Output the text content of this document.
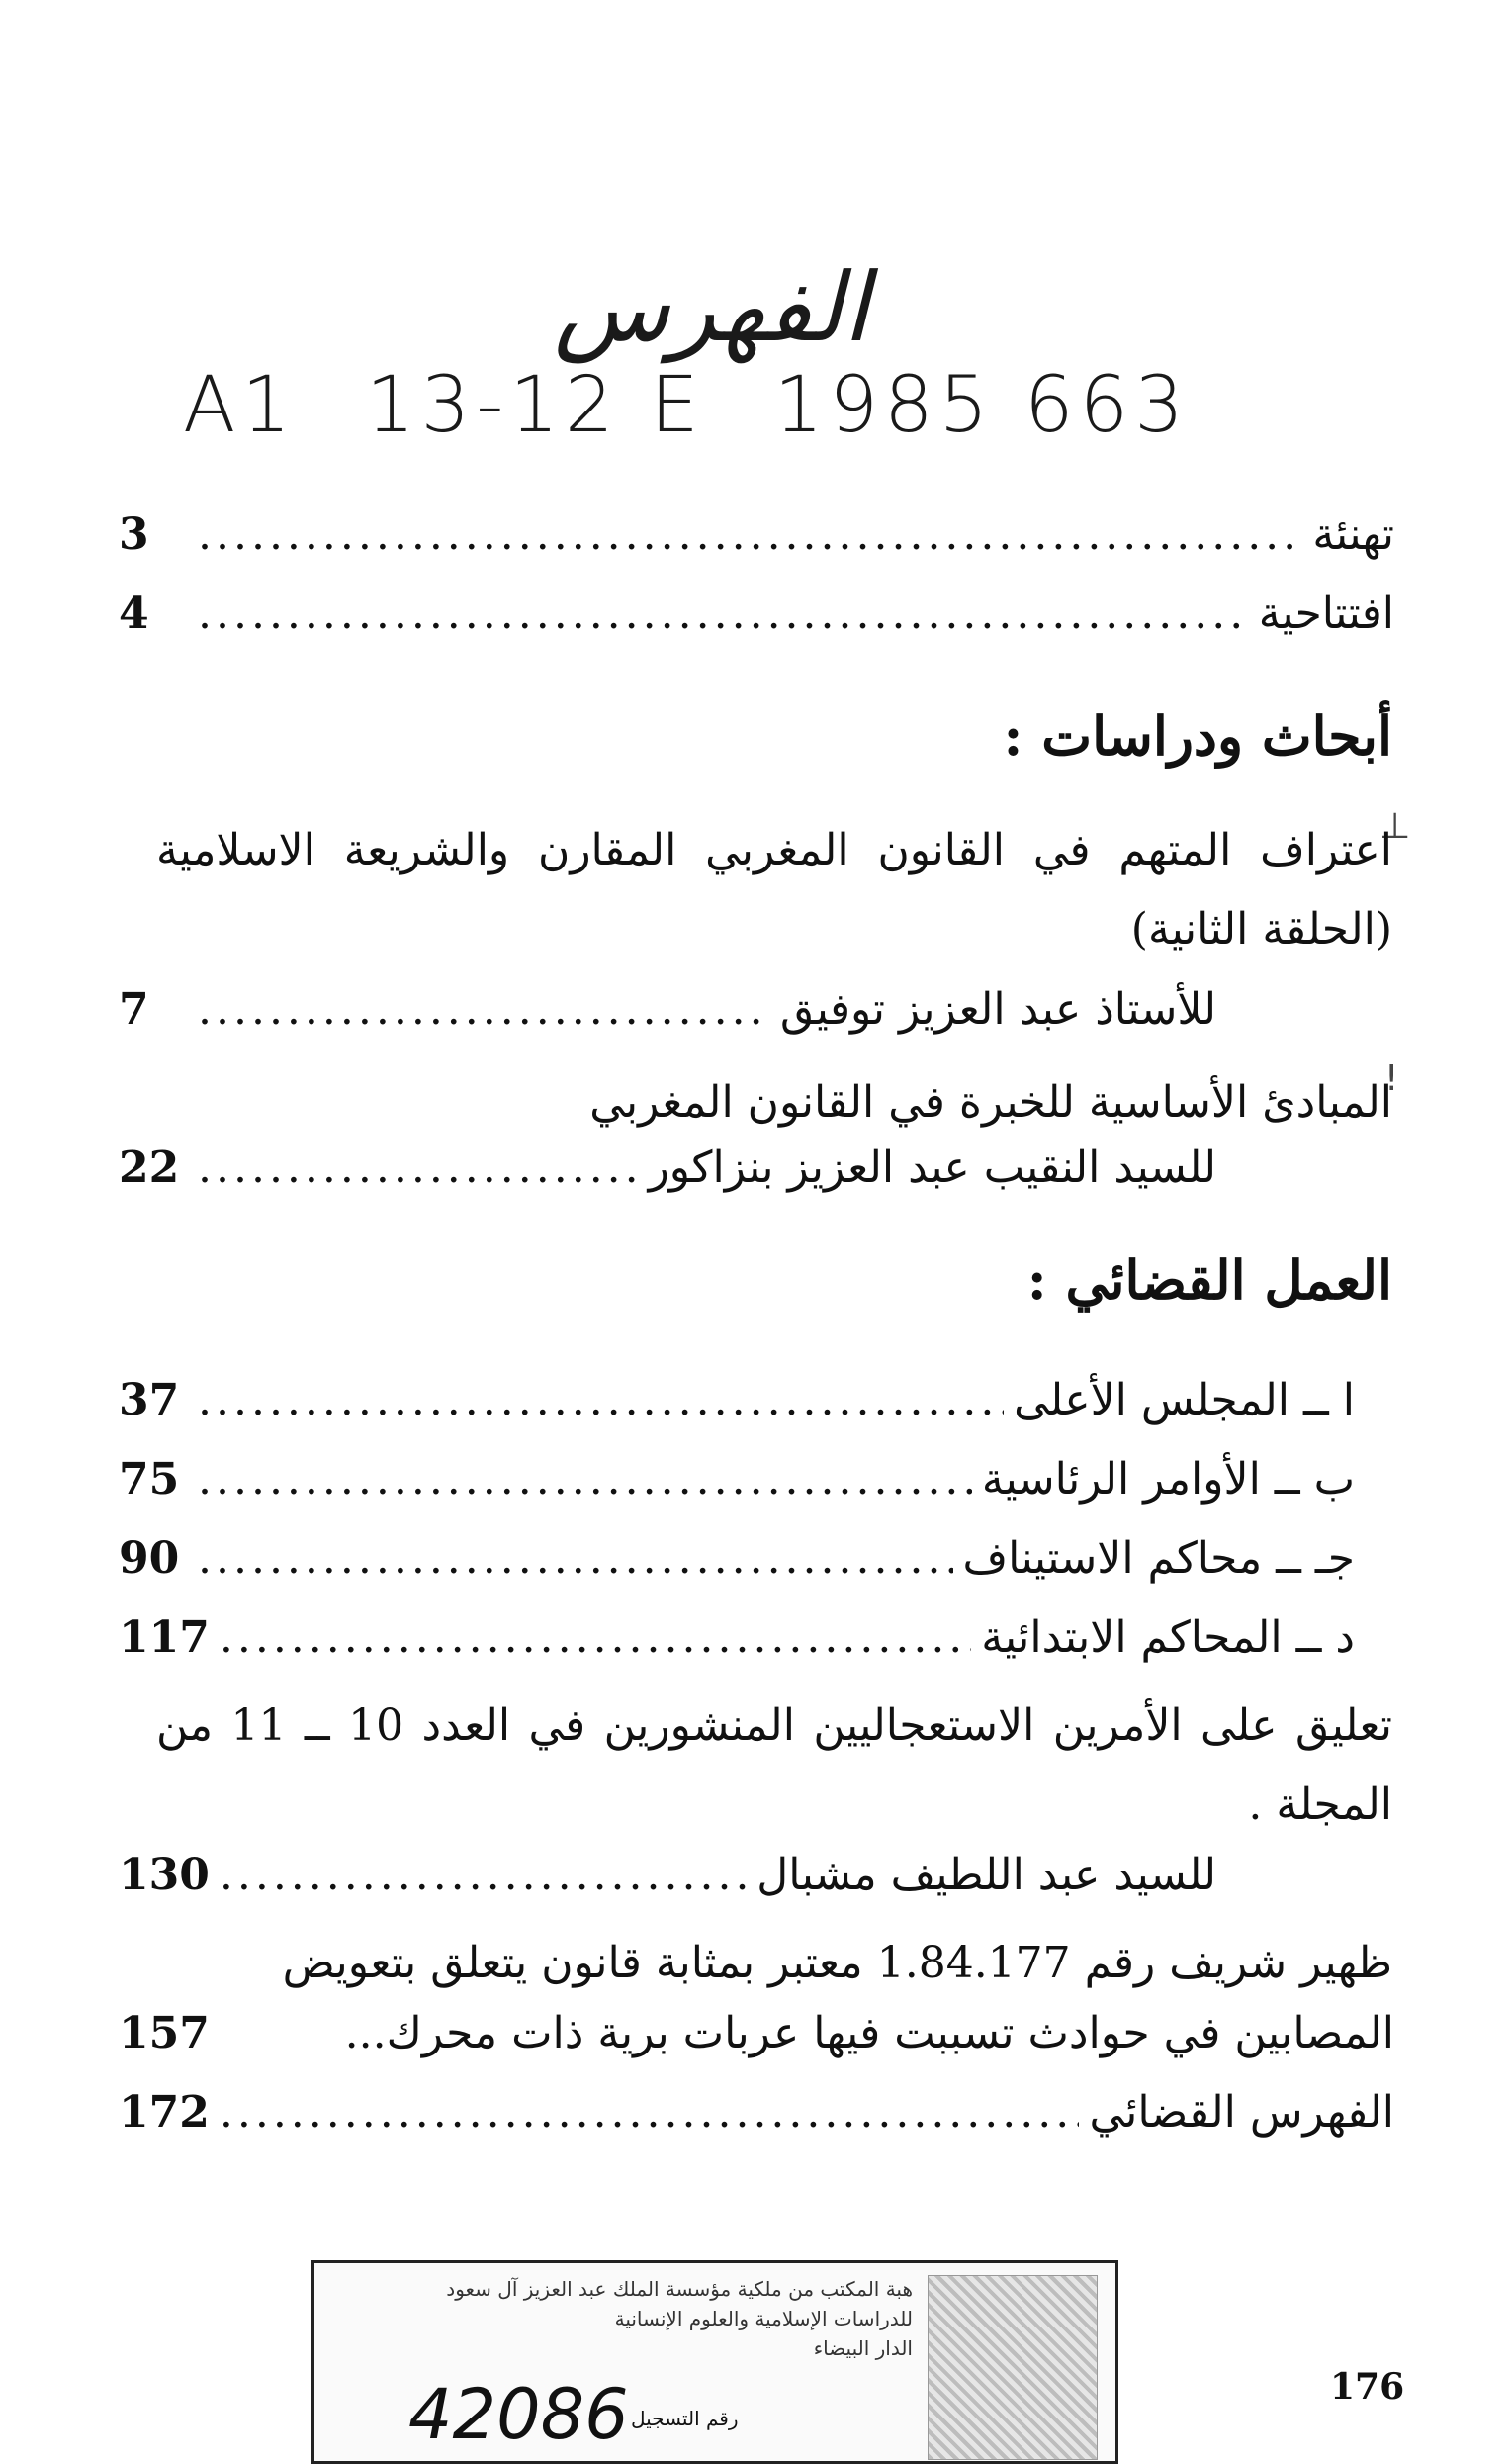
الفهرس
A1 13-12 E 1985 663
تهنئة
.....
3
افتتاحية
.....
4
أبحاث ودراسات :
⊥
اعتراف المتهم في القانون المغربي المقارن والشريعة الاسلامية (الحلقة الثانية)
للأستاذ عبد العزيز توفيق
.....
7
!
المبادئ الأساسية للخبرة في القانون المغربي
للسيد النقيب عبد العزيز بنزاكور
.....
22
العمل القضائي :
ا ــ المجلس الأعلى
.....
37
ب ــ الأوامر الرئاسية
.....
75
جـ ــ محاكم الاستيناف
.....
90
د ــ المحاكم الابتدائية
.....
117
تعليق على الأمرين الاستعجاليين المنشورين في العدد 10 ــ 11 من المجلة .
للسيد عبد اللطيف مشبال
.....
130
ظهير شريف رقم 1.84.177 معتبر بمثابة قانون يتعلق بتعويض
المصابين في حوادث تسببت فيها عربات برية ذات محرك...
157
الفهرس القضائي
.....
172
هبة المكتب من ملكية مؤسسة الملك عبد العزيز آل سعود
للدراسات الإسلامية والعلوم الإنسانية
الدار البيضاء
42086 رقم التسجيل
176
